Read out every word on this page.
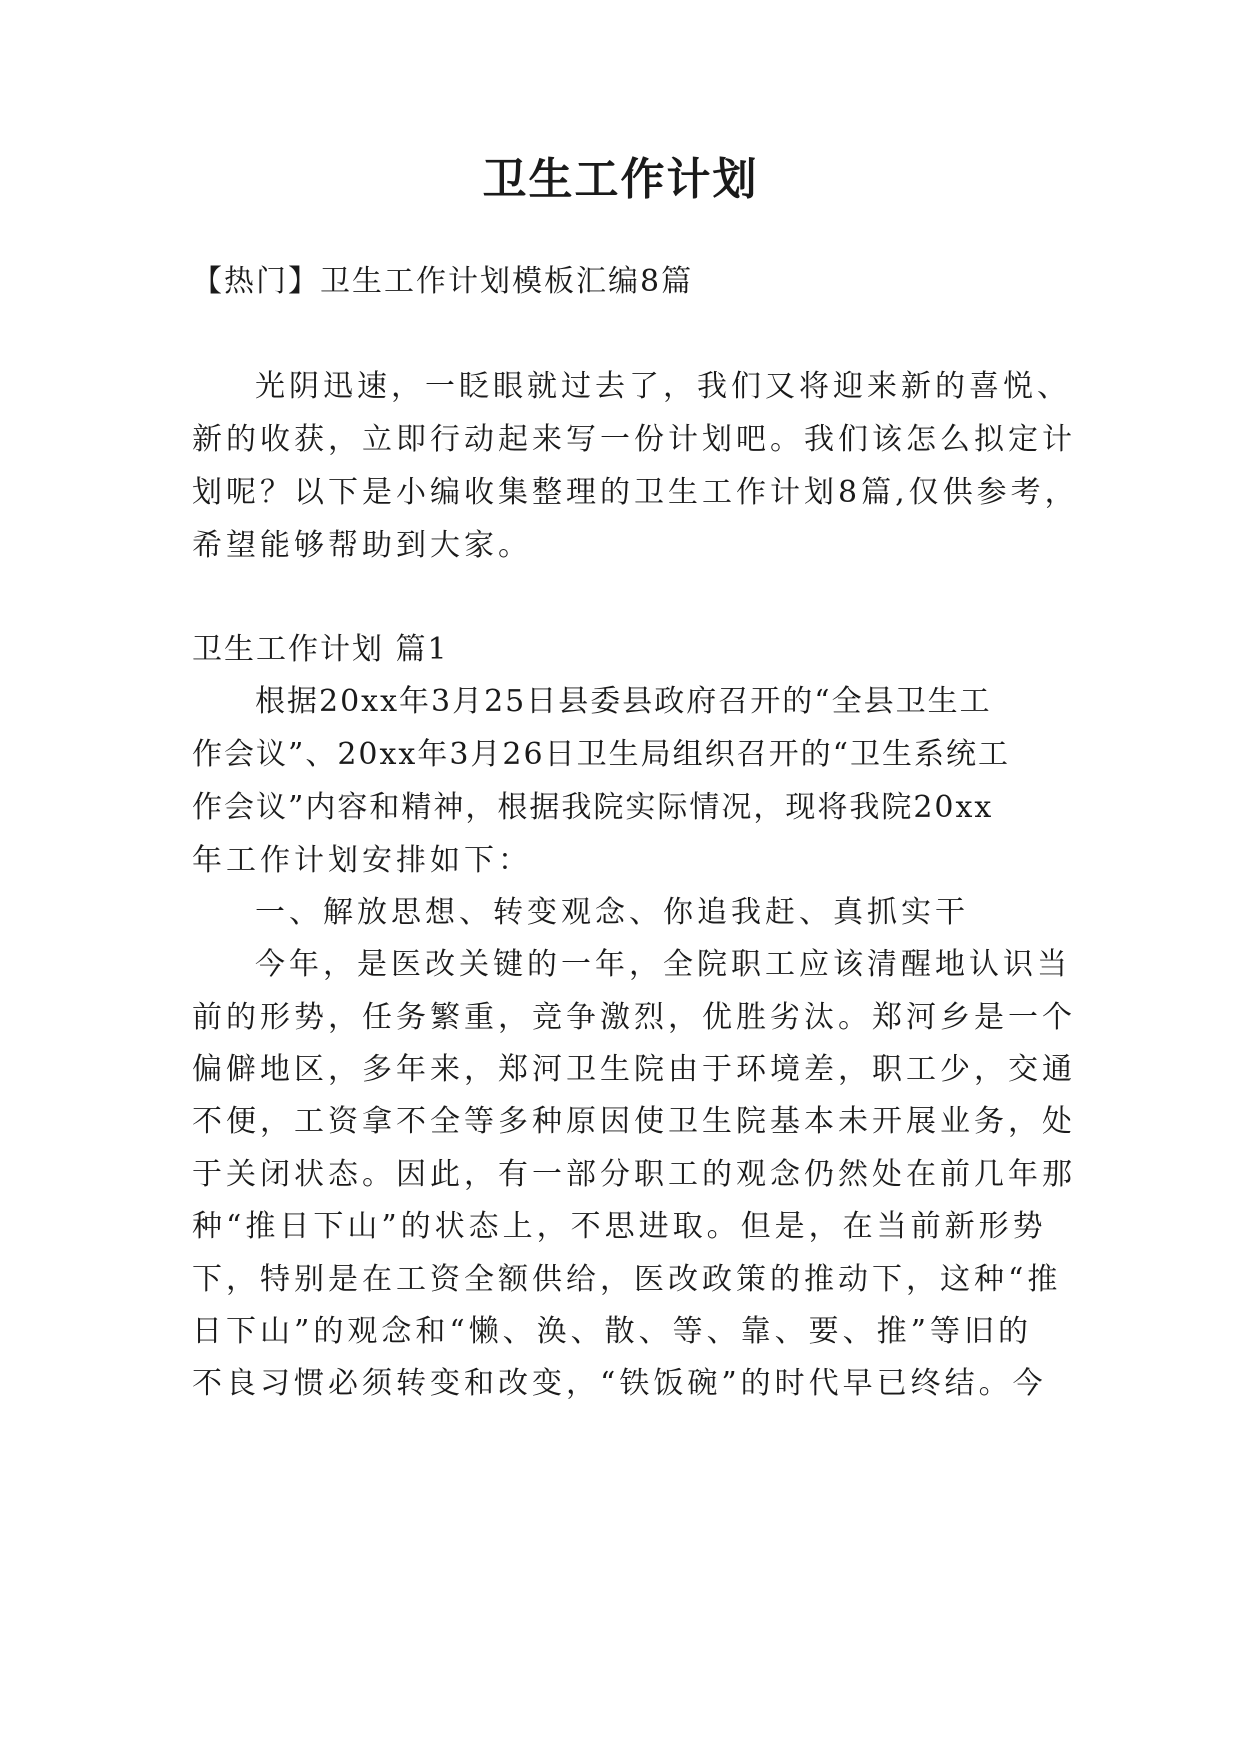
卫生工作计划
【热门】卫生工作计划模板汇编8篇
光阴迅速，一眨眼就过去了，我们又将迎来新的喜悦、
新的收获，立即行动起来写一份计划吧。我们该怎么拟定计
划呢？以下是小编收集整理的卫生工作计划8篇,仅供参考，
希望能够帮助到大家。
卫生工作计划 篇1
根据20xx年3月25日县委县政府召开的“全县卫生工
作会议”、20xx年3月26日卫生局组织召开的“卫生系统工
作会议”内容和精神，根据我院实际情况，现将我院20xx
年工作计划安排如下：
一、解放思想、转变观念、你追我赶、真抓实干
今年，是医改关键的一年，全院职工应该清醒地认识当
前的形势，任务繁重，竞争激烈，优胜劣汰。郑河乡是一个
偏僻地区，多年来，郑河卫生院由于环境差，职工少，交通
不便，工资拿不全等多种原因使卫生院基本未开展业务，处
于关闭状态。因此，有一部分职工的观念仍然处在前几年那
种“推日下山”的状态上，不思进取。但是，在当前新形势
下，特别是在工资全额供给，医改政策的推动下，这种“推
日下山”的观念和“懒、涣、散、等、靠、要、推”等旧的
不良习惯必须转变和改变，“铁饭碗”的时代早已终结。今
